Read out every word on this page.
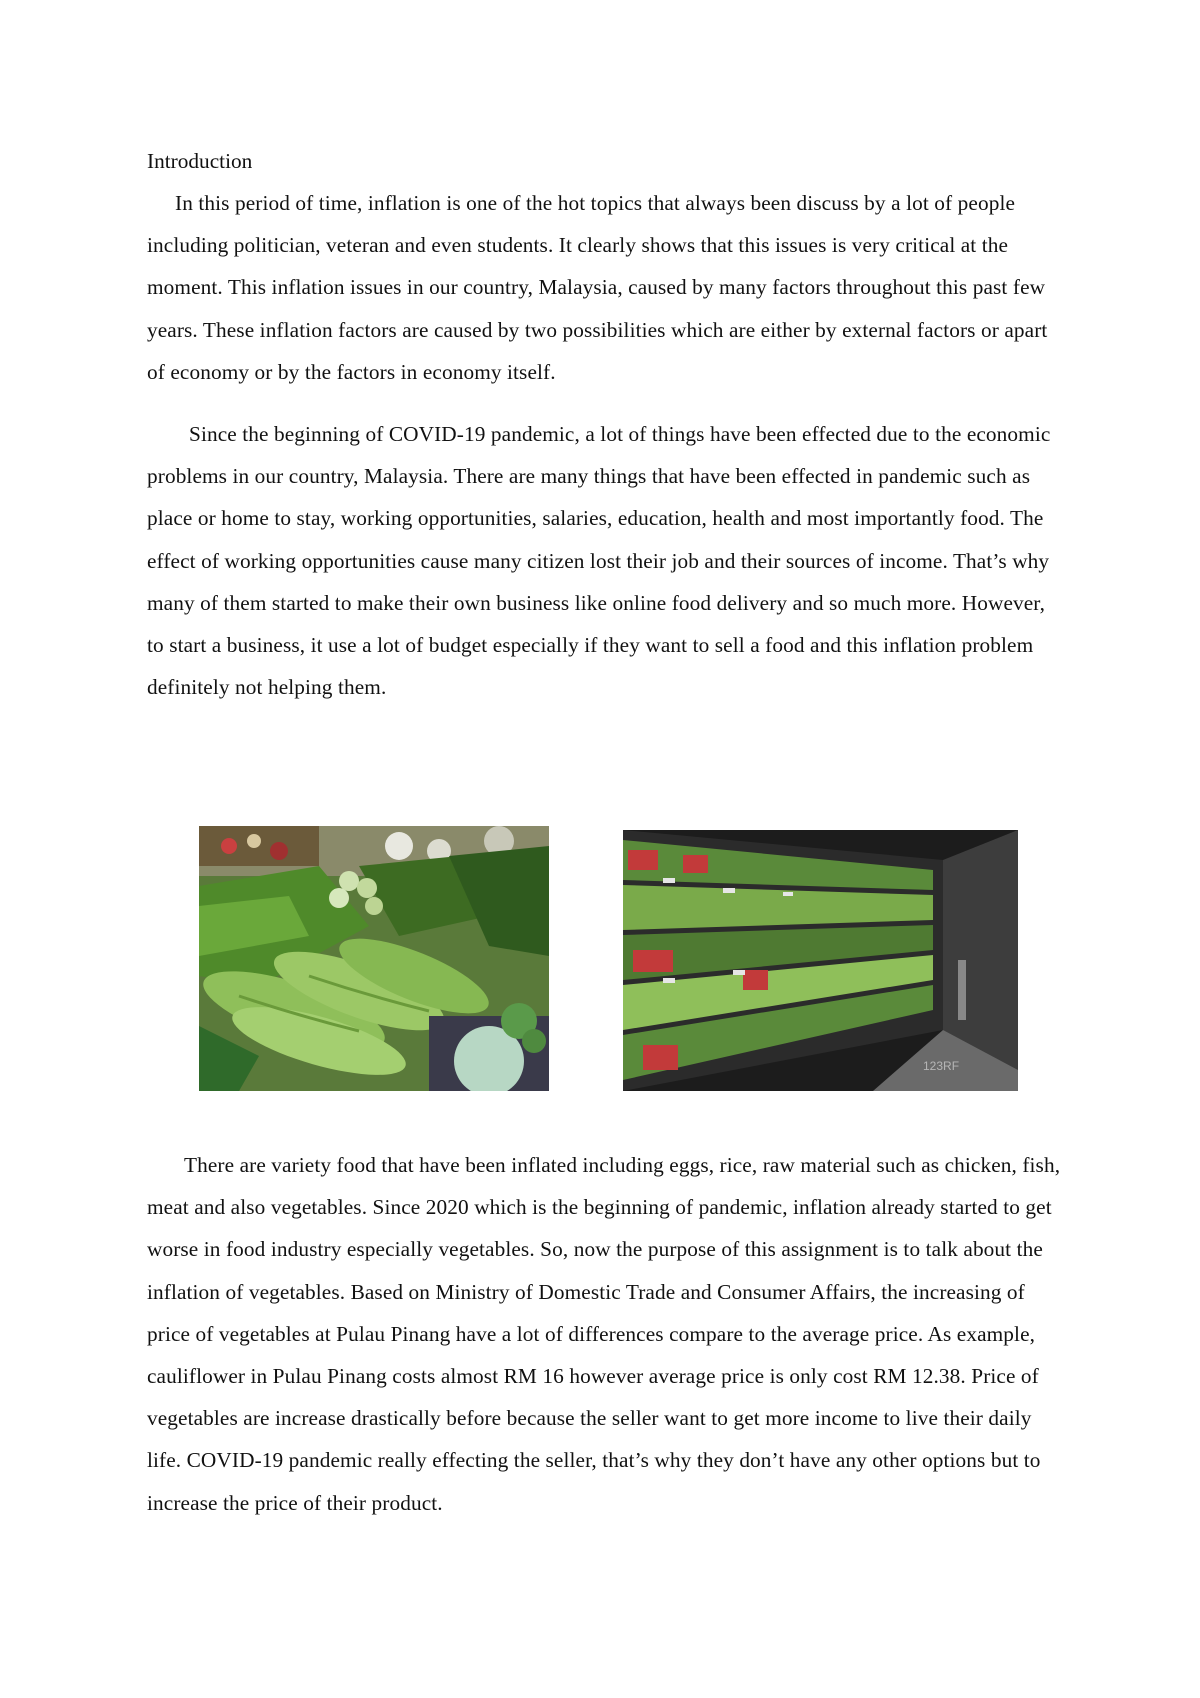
Introduction

In this period of time, inflation is one of the hot topics that always been discuss by a lot of people including politician, veteran and even students. It clearly shows that this issues is very critical at the moment. This inflation issues in our country, Malaysia, caused by many factors throughout this past few years. These inflation factors are caused by two possibilities which are either by external factors or apart of economy or by the factors in economy itself.

Since the beginning of COVID-19 pandemic, a lot of things have been effected due to the economic problems in our country, Malaysia. There are many things that have been effected in pandemic such as place or home to stay, working opportunities, salaries, education, health and most importantly food. The effect of working opportunities cause many citizen lost their job and their sources of income. That’s why many of them started to make their own business like online food delivery and so much more. However, to start a business, it use a lot of budget especially if they want to sell a food and this inflation problem definitely not helping them.

123RF

There are variety food that have been inflated including eggs, rice, raw material such as chicken, fish, meat and also vegetables. Since 2020 which is the beginning of pandemic, inflation already started to get worse in food industry especially vegetables. So, now the purpose of this assignment is to talk about the inflation of vegetables. Based on Ministry of Domestic Trade and Consumer Affairs, the increasing of price of vegetables at Pulau Pinang have a lot of differences compare to the average price. As example, cauliflower in Pulau Pinang costs almost RM 16 however average price is only cost RM 12.38. Price of vegetables are increase drastically before because the seller want to get more income to live their daily life. COVID-19 pandemic really effecting the seller, that’s why they don’t have any other options but to increase the price of their product.
